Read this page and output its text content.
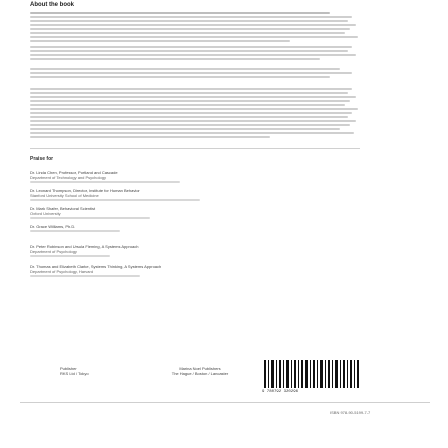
About the book
Praise for
Dr. Linda Chen, Professor, Portland and Cascade
Department of Technology and Psychology
Dr. Leonard Thompson, Director, Institute for Human Behavior
Stanford University School of Medicine
Dr. Mark Shafer, Behavioral Scientist
Oxford University
Dr. Grace Williams, Ph.D.
Dr. Peter Robinson and Ursula Fleming, A Systems Approach
Department of Psychology
Dr. Thomas and Elizabeth Clarke, Systems Thinking, A Systems Approach
Department of Psychology, Harvard
Publisher
RKS Ltd / Tokyo
Marina Noel Publishers
The Hague / Boston / Lancaster
9 780792 320296
ISBN 978-90-5199-7-7
